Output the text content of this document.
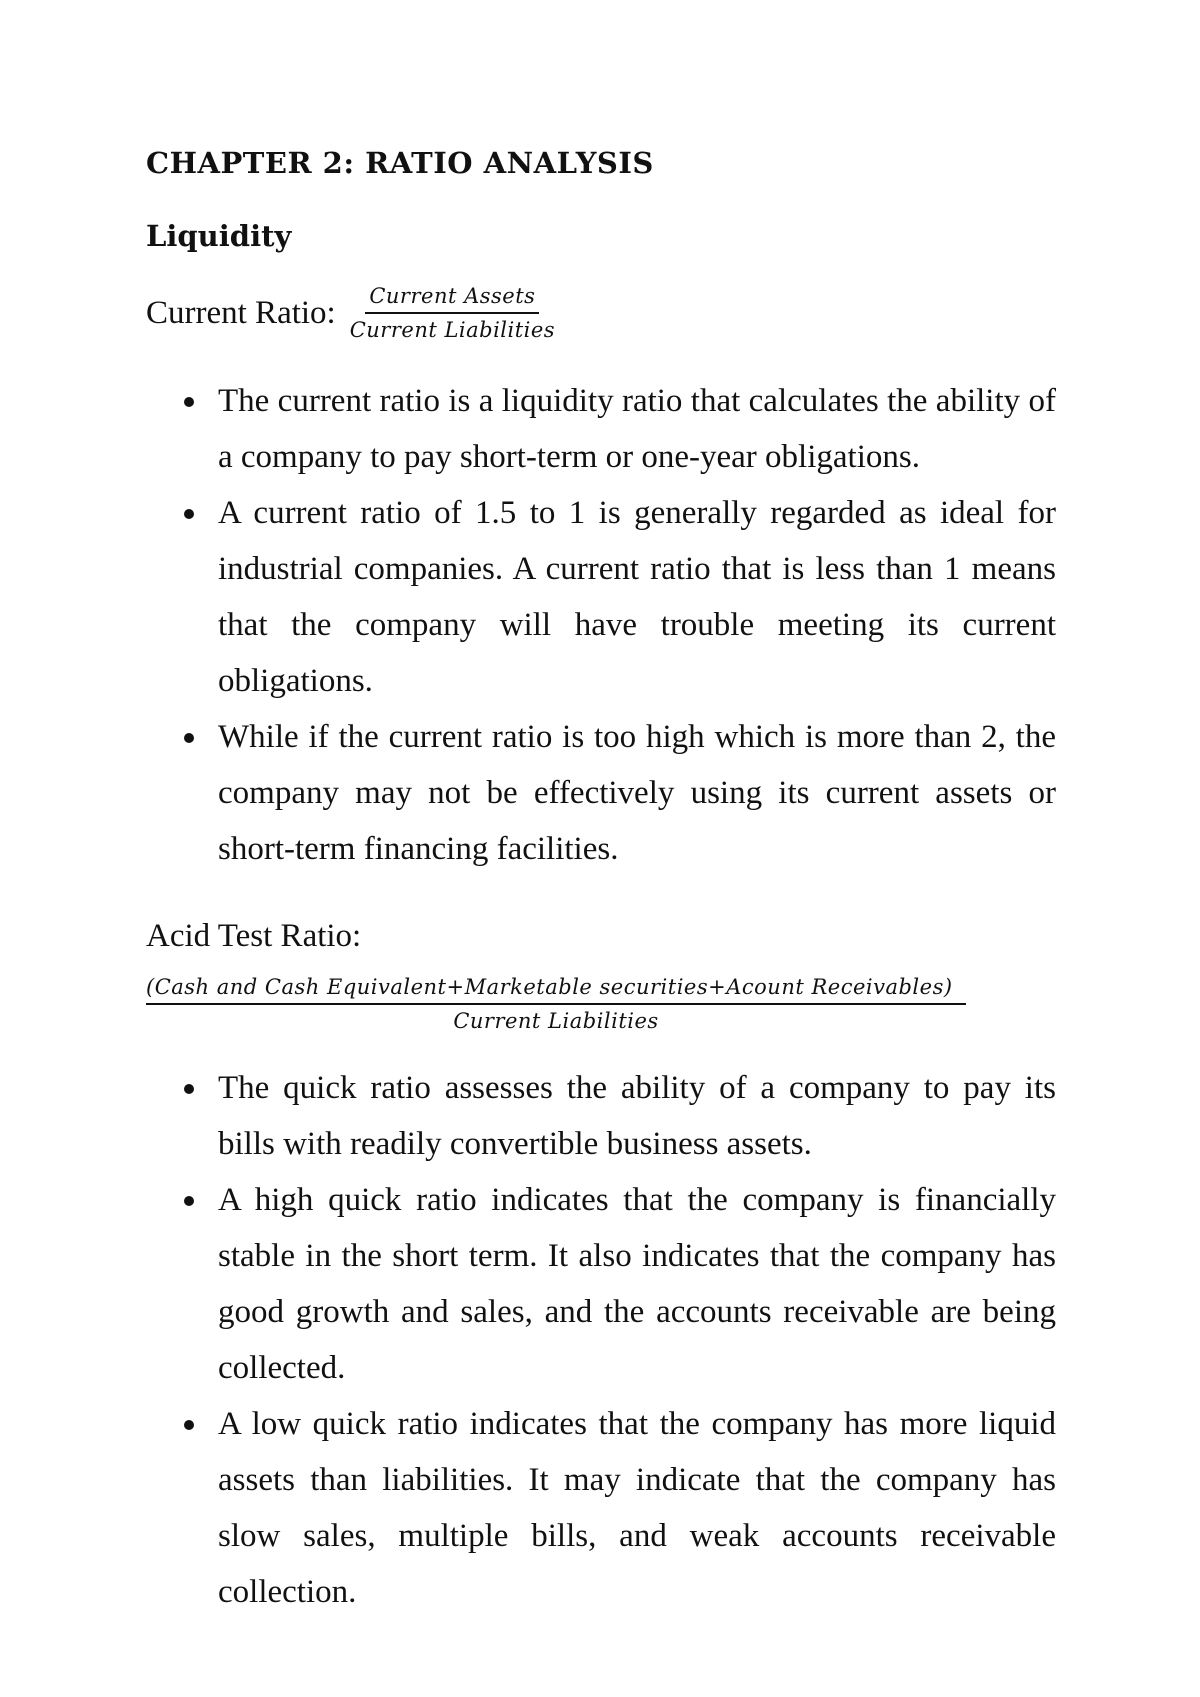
CHAPTER 2: RATIO ANALYSIS
Liquidity
Current Ratio: $\frac{\text{Current Assets}}{\text{Current Liabilities}}$
The current ratio is a liquidity ratio that calculates the ability of a company to pay short-term or one-year obligations.
A current ratio of 1.5 to 1 is generally regarded as ideal for industrial companies. A current ratio that is less than 1 means that the company will have trouble meeting its current obligations.
While if the current ratio is too high which is more than 2, the company may not be effectively using its current assets or short-term financing facilities.
Acid Test Ratio:
(Cash and Cash Equivalent+Marketable securities+Acount Receivables)
Current Liabilities
The quick ratio assesses the ability of a company to pay its bills with readily convertible business assets.
A high quick ratio indicates that the company is financially stable in the short term. It also indicates that the company has good growth and sales, and the accounts receivable are being collected.
A low quick ratio indicates that the company has more liquid assets than liabilities. It may indicate that the company has slow sales, multiple bills, and weak accounts receivable collection.
